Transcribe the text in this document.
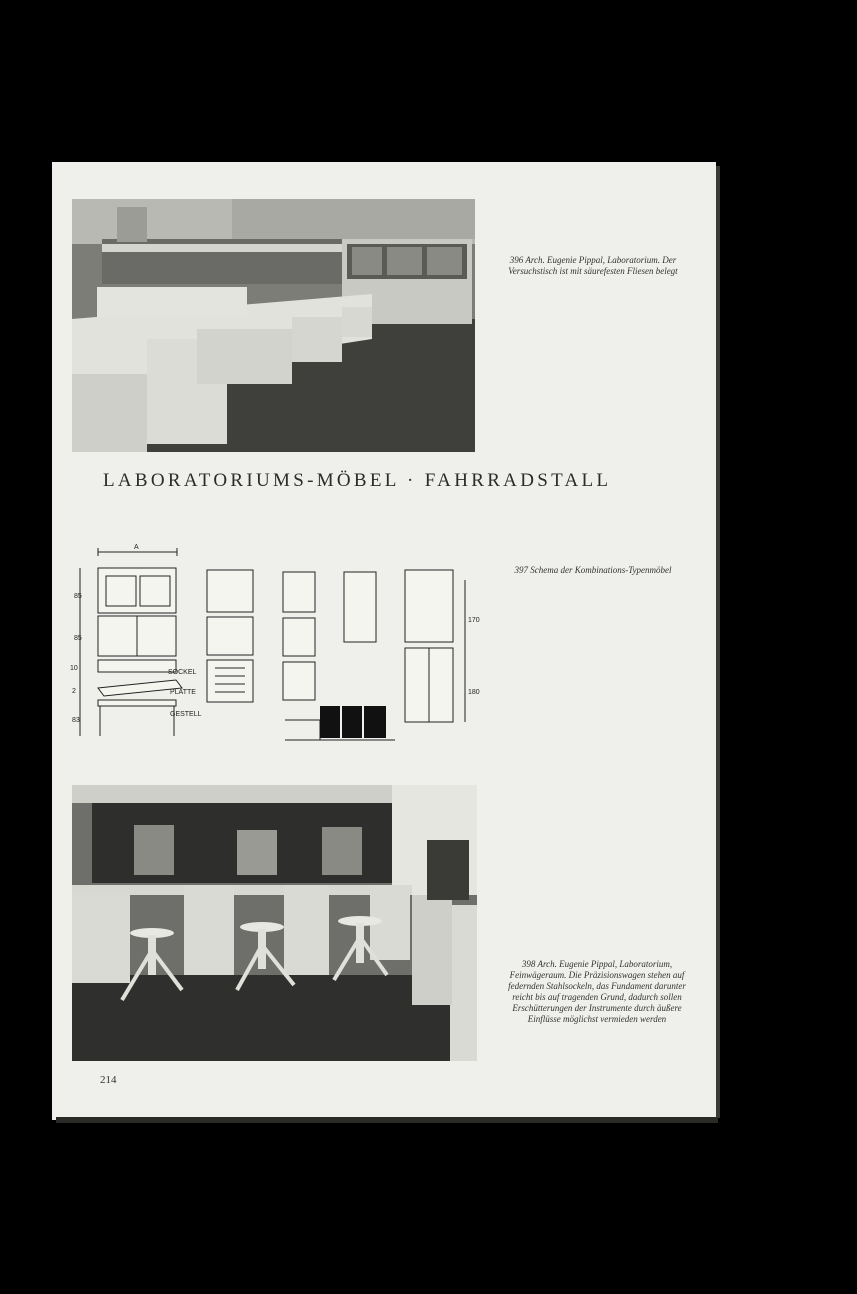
396 Arch. Eugenie Pippal, Laboratorium. Der Versuchstisch ist mit säurefesten Fliesen belegt
LABORATORIUMS-MÖBEL · FAHRRADSTALL
85
85
10
2
83
A
SOCKEL
PLATTE
GESTELL
170
180
397 Schema der Kombinations-Typenmöbel
398 Arch. Eugenie Pippal, Laboratorium, Feinwägeraum. Die Präzisionswagen stehen auf federnden Stahlsockeln, das Fundament darunter reicht bis auf tragenden Grund, dadurch sollen Erschütterungen der Instrumente durch äußere Einflüsse möglichst vermieden werden
214
